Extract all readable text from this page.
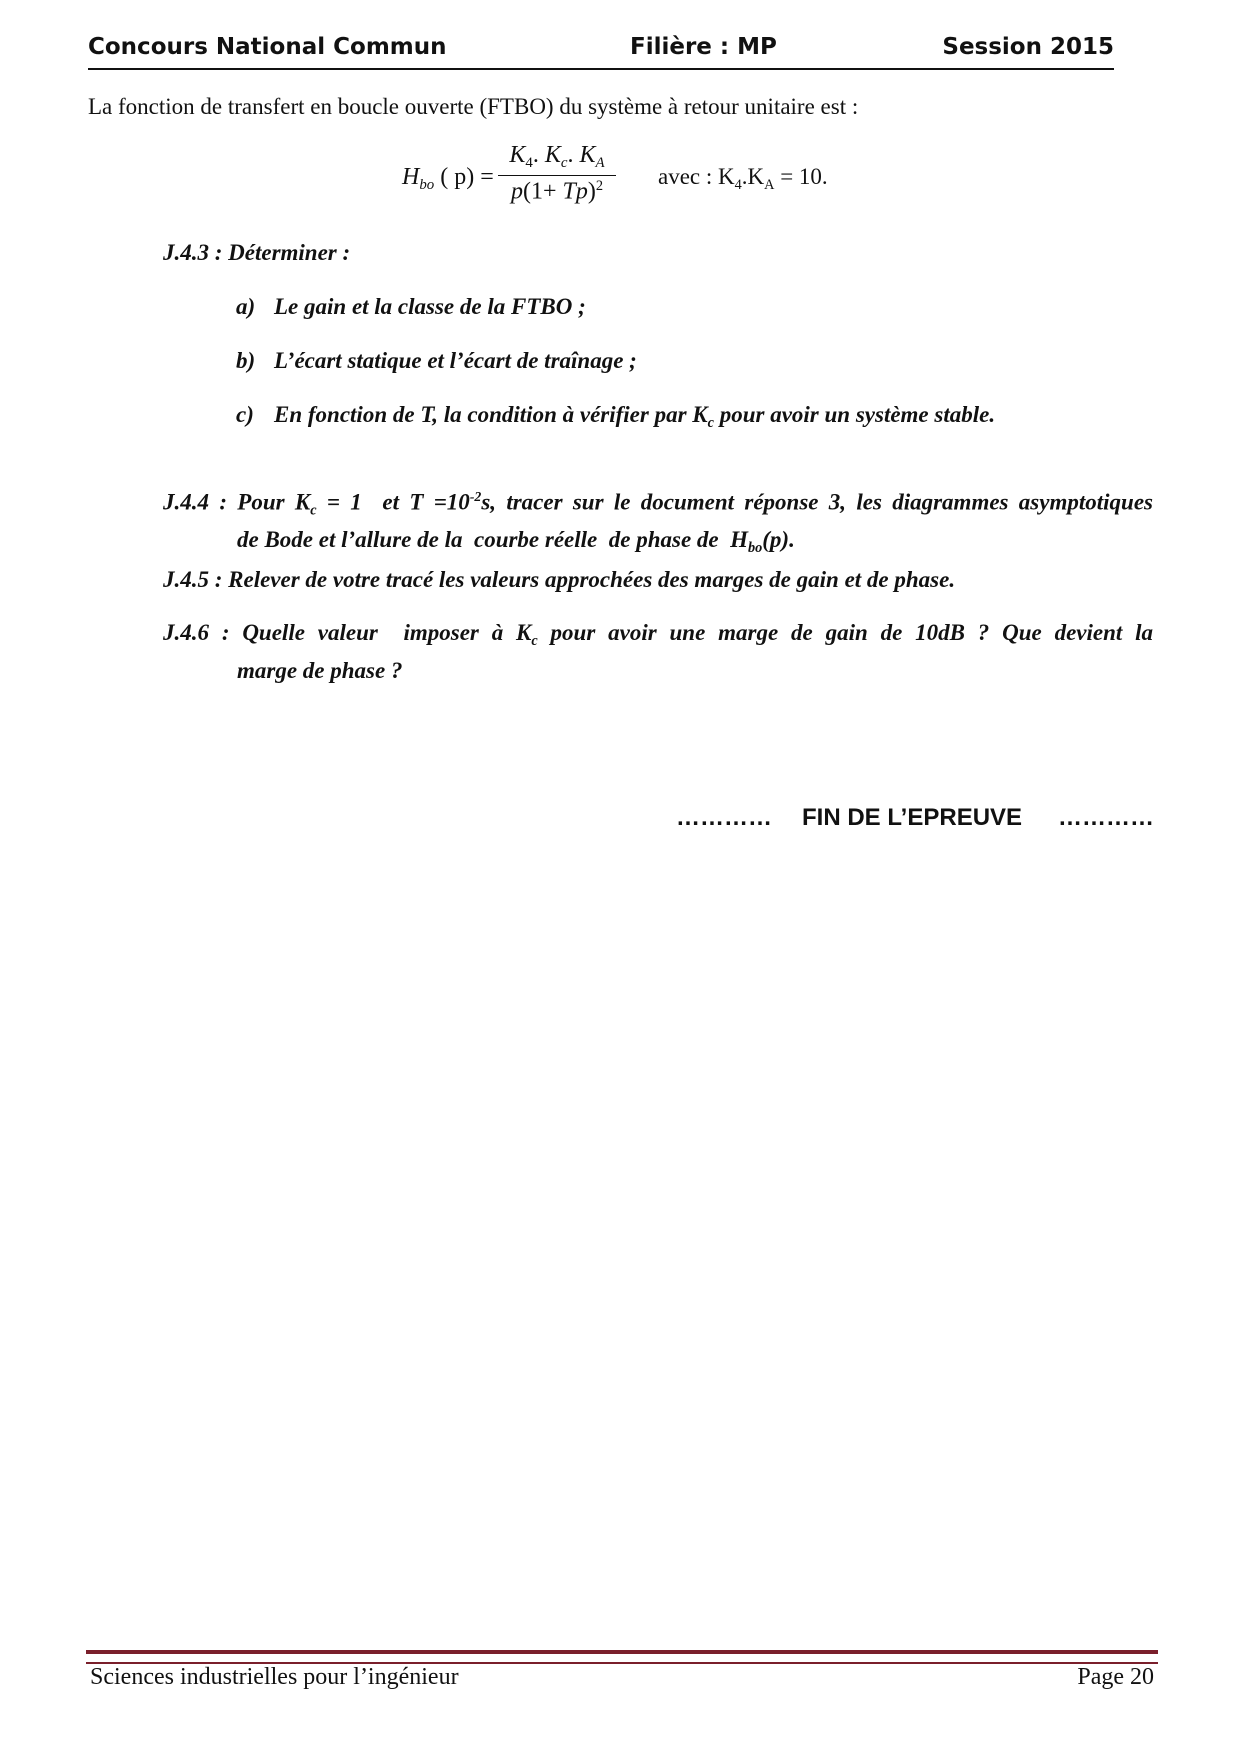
Concours National Commun	Filière : MP	Session 2015
La fonction de transfert en boucle ouverte (FTBO) du système à retour unitaire est :
$H_{bo}$ ( p) =
$K_4$. $K_c$. $K_A$
$p(1+ Tp)^2$	avec : $K_4.K_A = 10$.
J.4.3 : Déterminer :
a) Le gain et la classe de la FTBO ;
b) L’écart statique et l’écart de traînage ;
c) En fonction de T, la condition à vérifier par $K_c$ pour avoir un système stable.
J.4.4 : Pour $K_c = 1$  et $T =10^{-2}s$, tracer sur le document réponse 3, les diagrammes asymptotiques
de Bode et l’allure de la  courbe réelle  de phase de  $H_{bo}(p)$.
J.4.5 : Relever de votre tracé les valeurs approchées des marges de gain et de phase.
J.4.6 : Quelle valeur  imposer à $K_c$ pour avoir une marge de gain de 10dB ? Que devient la
marge de phase ?
………… FIN DE L’EPREUVE …………
Sciences industrielles pour l’ingénieur	Page 20
